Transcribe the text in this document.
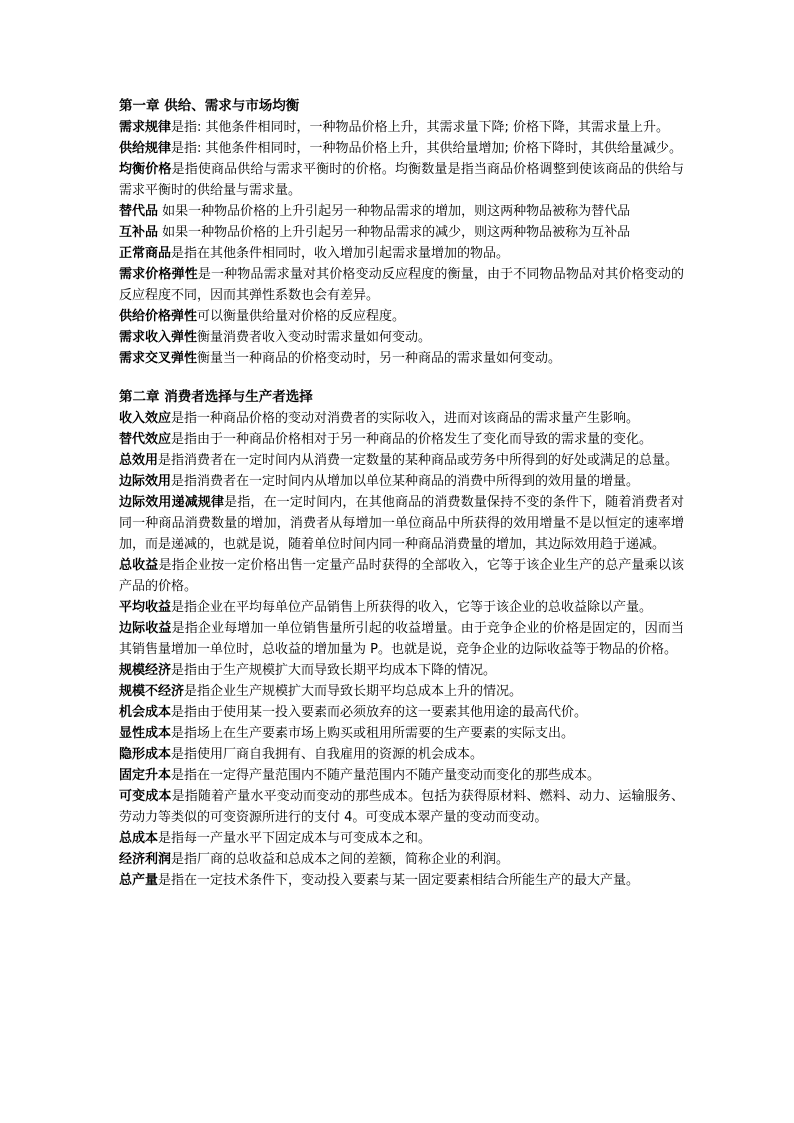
第一章 供给、需求与市场均衡

需求规律是指: 其他条件相同时，一种物品价格上升，其需求量下降; 价格下降，其需求量上升。

供给规律是指: 其他条件相同时，一种物品价格上升，其供给量增加; 价格下降时，其供给量减少。

均衡价格是指使商品供给与需求平衡时的价格。均衡数量是指当商品价格调整到使该商品的供给与需求平衡时的供给量与需求量。

替代品 如果一种物品价格的上升引起另一种物品需求的增加，则这两种物品被称为替代品

互补品 如果一种物品价格的上升引起另一种物品需求的减少，则这两种物品被称为互补品

正常商品是指在其他条件相同时，收入增加引起需求量增加的物品。

需求价格弹性是一种物品需求量对其价格变动反应程度的衡量，由于不同物品物品对其价格变动的反应程度不同，因而其弹性系数也会有差异。

供给价格弹性可以衡量供给量对价格的反应程度。

需求收入弹性衡量消费者收入变动时需求量如何变动。

需求交叉弹性衡量当一种商品的价格变动时，另一种商品的需求量如何变动。

第二章 消费者选择与生产者选择

收入效应是指一种商品价格的变动对消费者的实际收入，进而对该商品的需求量产生影响。

替代效应是指由于一种商品价格相对于另一种商品的价格发生了变化而导致的需求量的变化。

总效用是指消费者在一定时间内从消费一定数量的某种商品或劳务中所得到的好处或满足的总量。

边际效用是指消费者在一定时间内从增加以单位某种商品的消费中所得到的效用量的增量。

边际效用递减规律是指，在一定时间内，在其他商品的消费数量保持不变的条件下，随着消费者对同一种商品消费数量的增加，消费者从每增加一单位商品中所获得的效用增量不是以恒定的速率增加，而是递减的，也就是说，随着单位时间内同一种商品消费量的增加，其边际效用趋于递减。

总收益是指企业按一定价格出售一定量产品时获得的全部收入，它等于该企业生产的总产量乘以该产品的价格。

平均收益是指企业在平均每单位产品销售上所获得的收入，它等于该企业的总收益除以产量。

边际收益是指企业每增加一单位销售量所引起的收益增量。由于竞争企业的价格是固定的，因而当其销售量增加一单位时，总收益的增加量为 P。也就是说，竞争企业的边际收益等于物品的价格。

规模经济是指由于生产规模扩大而导致长期平均成本下降的情况。

规模不经济是指企业生产规模扩大而导致长期平均总成本上升的情况。

机会成本是指由于使用某一投入要素而必须放弃的这一要素其他用途的最高代价。

显性成本是指场上在生产要素市场上购买或租用所需要的生产要素的实际支出。

隐形成本是指使用厂商自我拥有、自我雇用的资源的机会成本。

固定升本是指在一定得产量范围内不随产量范围内不随产量变动而变化的那些成本。

可变成本是指随着产量水平变动而变动的那些成本。包括为获得原材料、燃料、动力、运输服务、劳动力等类似的可变资源所进行的支付 4。可变成本翠产量的变动而变动。

总成本是指每一产量水平下固定成本与可变成本之和。

经济利润是指厂商的总收益和总成本之间的差额，简称企业的利润。

总产量是指在一定技术条件下，变动投入要素与某一固定要素相结合所能生产的最大产量。
